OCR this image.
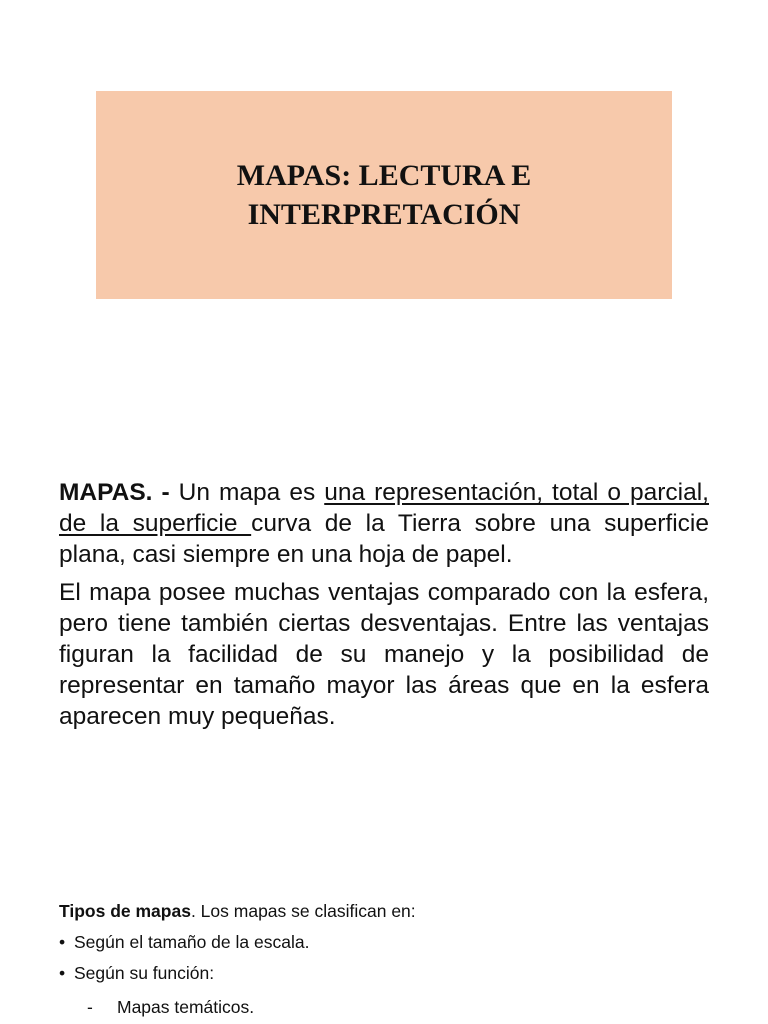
MAPAS: LECTURA E
INTERPRETACIÓN

MAPAS. - Un mapa es una representación, total o parcial, de la superficie curva de la Tierra sobre una superficie plana, casi siempre en una hoja de papel.

El mapa posee muchas ventajas comparado con la esfera, pero tiene también ciertas desventajas. Entre las ventajas figuran la facilidad de su manejo y la posibilidad de representar en tamaño mayor las áreas que en la esfera aparecen muy pequeñas.

Tipos de mapas. Los mapas se clasifican en:
• Según el tamaño de la escala.
• Según su función:
-	Mapas temáticos.
